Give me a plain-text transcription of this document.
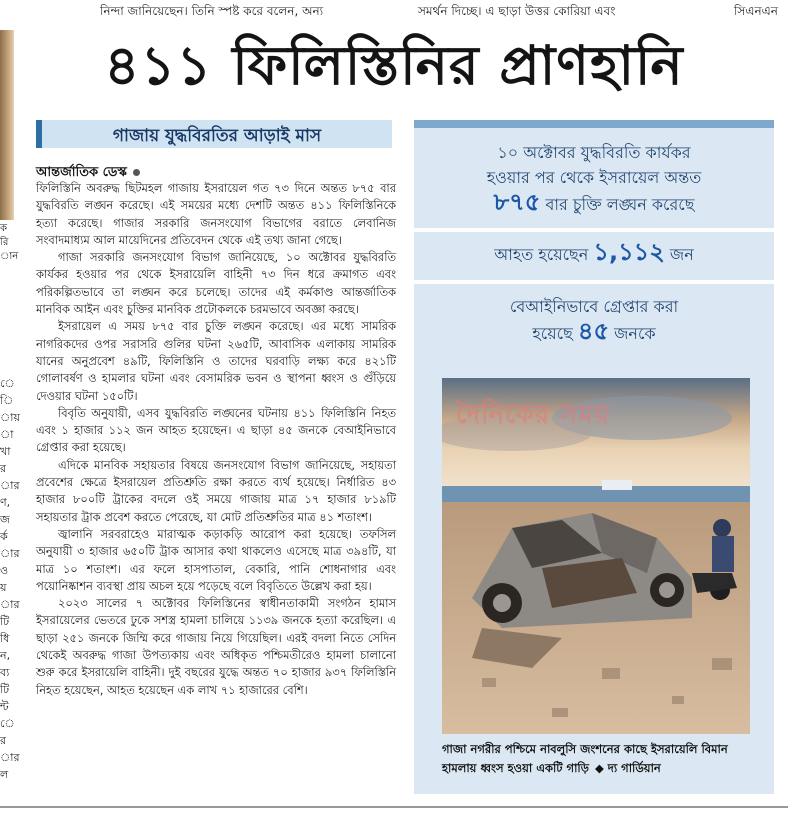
নিন্দা জানিয়েছেন। তিনি স্পষ্ট করে বলেন, অন্য	সমর্থন দিচ্ছে। এ ছাড়া উত্তর কোরিয়া এবং	সিএনএন
ক
রি
ান
ে
ি
ায়
া
খা
র
ার
ণ,
জ
র্ক
ার
ও
য়
ার
টি
ধি
ন,
ব্য
টি
ন্ট
ে
র
ার
ল
৪১১ ফিলিস্তিনির প্রাণহানি
গাজায় যুদ্ধবিরতির আড়াই মাস
আন্তর্জাতিক ডেস্ক

ফিলিস্তিনি অবরুদ্ধ ছিটমহল গাজায় ইসরায়েল গত ৭৩ দিনে অন্তত ৮৭৫ বার যুদ্ধবিরতি লঙ্ঘন করেছে। এই সময়ের মধ্যে দেশটি অন্তত ৪১১ ফিলিস্তিনিকে হত্যা করেছে। গাজার সরকারি জনসংযোগ বিভাগের বরাতে লেবানিজ সংবাদমাধ্যম আল মায়েদিনের প্রতিবেদন থেকে এই তথ্য জানা গেছে।

গাজা সরকারি জনসংযোগ বিভাগ জানিয়েছে, ১০ অক্টোবর যুদ্ধবিরতি কার্যকর হওয়ার পর থেকে ইসরায়েলি বাহিনী ৭৩ দিন ধরে ক্রমাগত এবং পরিকল্পিতভাবে তা লঙ্ঘন করে চলেছে। তাদের এই কর্মকাণ্ড আন্তর্জাতিক মানবিক আইন এবং চুক্তির মানবিক প্রটোকলকে চরমভাবে অবজ্ঞা করছে।

ইসরায়েল এ সময় ৮৭৫ বার চুক্তি লঙ্ঘন করেছে। এর মধ্যে সামরিক নাগরিকদের ওপর সরাসরি গুলির ঘটনা ২৬৫টি, আবাসিক এলাকায় সামরিক যানের অনুপ্রবেশ ৪৯টি, ফিলিস্তিনি ও তাদের ঘরবাড়ি লক্ষ্য করে ৪২১টি গোলাবর্ষণ ও হামলার ঘটনা এবং বেসামরিক ভবন ও স্থাপনা ধ্বংস ও গুঁড়িয়ে দেওয়ার ঘটনা ১৫০টি।

বিবৃতি অনুযায়ী, এসব যুদ্ধবিরতি লঙ্ঘনের ঘটনায় ৪১১ ফিলিস্তিনি নিহত এবং ১ হাজার ১১২ জন আহত হয়েছেন। এ ছাড়া ৪৫ জনকে বেআইনিভাবে গ্রেপ্তার করা হয়েছে।

এদিকে মানবিক সহায়তার বিষয়ে জনসংযোগ বিভাগ জানিয়েছে, সহায়তা প্রবেশের ক্ষেত্রে ইসরায়েল প্রতিশ্রুতি রক্ষা করতে ব্যর্থ হয়েছে। নির্ধারিত ৪৩ হাজার ৮০০টি ট্রাকের বদলে ওই সময়ে গাজায় মাত্র ১৭ হাজার ৮১৯টি সহায়তার ট্রাক প্রবেশ করতে পেরেছে, যা মোট প্রতিশ্রুতির মাত্র ৪১ শতাংশ।

জ্বালানি সরবরাহেও মারাত্মক কড়াকড়ি আরোপ করা হয়েছে। তফসিল অনুযায়ী ৩ হাজার ৬৫০টি ট্রাক আসার কথা থাকলেও এসেছে মাত্র ৩৯৪টি, যা মাত্র ১০ শতাংশ। এর ফলে হাসপাতাল, বেকারি, পানি শোধনাগার এবং পয়োনিষ্কাশন ব্যবস্থা প্রায় অচল হয়ে পড়েছে বলে বিবৃতিতে উল্লেখ করা হয়।

২০২৩ সালের ৭ অক্টোবর ফিলিস্তিনের স্বাধীনতাকামী সংগঠন হামাস ইসরায়েলের ভেতরে ঢুকে সশস্ত্র হামলা চালিয়ে ১১৩৯ জনকে হত্যা করেছিল। এ ছাড়া ২৫১ জনকে জিম্মি করে গাজায় নিয়ে গিয়েছিল। এরই বদলা নিতে সেদিন থেকেই অবরুদ্ধ গাজা উপত্যকায় এবং অধিকৃত পশ্চিমতীরেও হামলা চালানো শুরু করে ইসরায়েলি বাহিনী। দুই বছরের যুদ্ধে অন্তত ৭০ হাজার ৯৩৭ ফিলিস্তিনি নিহত হয়েছেন, আহত হয়েছেন এক লাখ ৭১ হাজারের বেশি।

১০ অক্টোবর যুদ্ধবিরতি কার্যকর
হওয়ার পর থেকে ইসরায়েল অন্তত
৮৭৫ বার চুক্তি লঙ্ঘন করেছে
আহত হয়েছেন ১,১১২ জন
বেআইনিভাবে গ্রেপ্তার করা
হয়েছে ৪৫ জনকে
দৈনিকের সময়
গাজা নগরীর পশ্চিমে নাবলুসি জংশনের কাছে ইসরায়েলি বিমান হামলায় ধ্বংস হওয়া একটি গাড়ি ◆ দ্য গার্ডিয়ান
